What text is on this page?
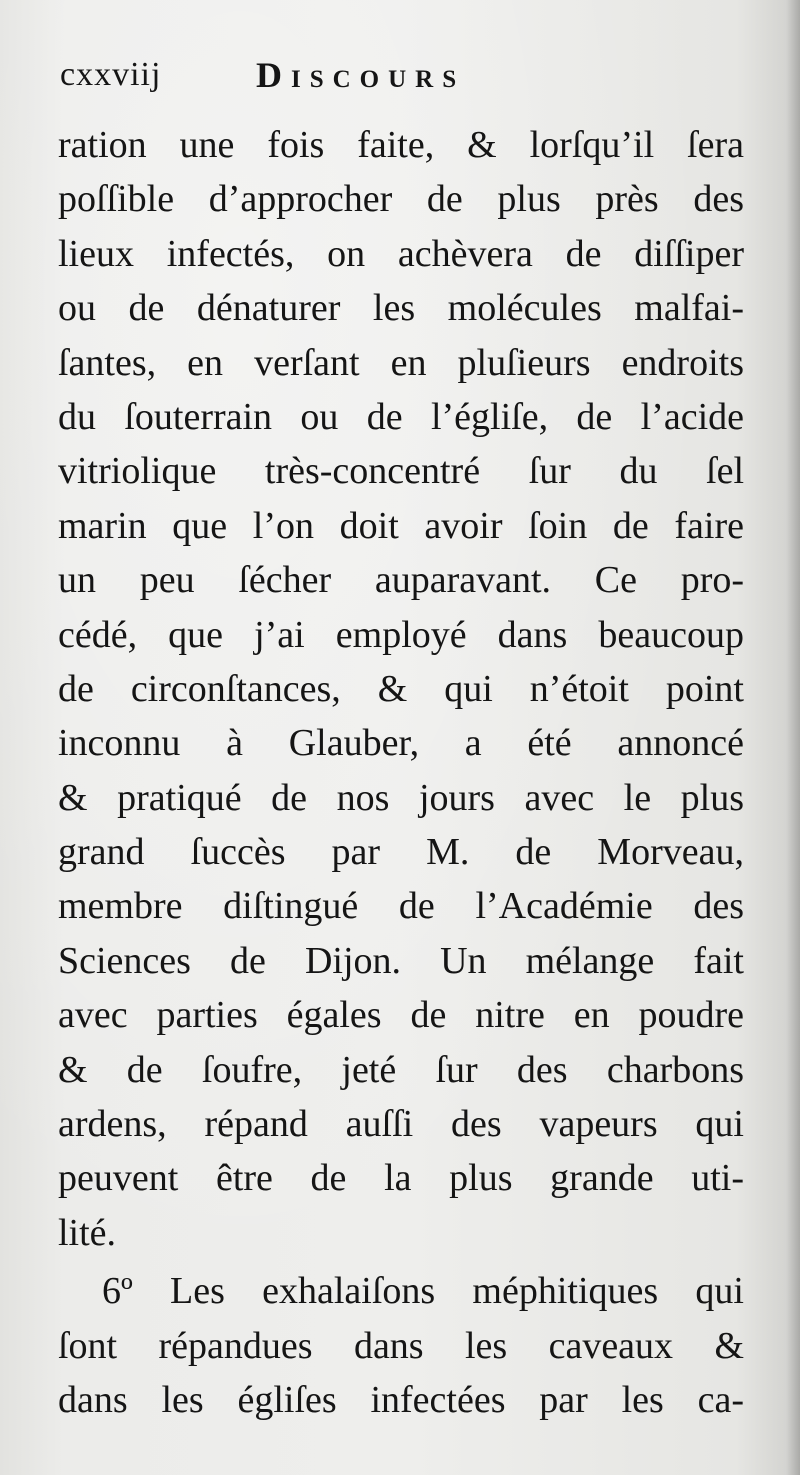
cxxviij	Discours
ration une fois faite, & lorſqu’il ſera
poſſible d’approcher de plus près des
lieux infectés, on achèvera de diſſiper
ou de dénaturer les molécules malfai-
ſantes, en verſant en pluſieurs endroits
du ſouterrain ou de l’égliſe, de l’acide
vitriolique très-concentré ſur du ſel
marin que l’on doit avoir ſoin de faire
un peu ſécher auparavant. Ce pro-
cédé, que j’ai employé dans beaucoup
de circonſtances, & qui n’étoit point
inconnu à Glauber, a été annoncé
& pratiqué de nos jours avec le plus
grand ſuccès par M. de Morveau,
membre diſtingué de l’Académie des
Sciences de Dijon. Un mélange fait
avec parties égales de nitre en poudre
& de ſoufre, jeté ſur des charbons
ardens, répand auſſi des vapeurs qui
peuvent être de la plus grande uti-
lité.
6º Les exhalaiſons méphitiques qui
ſont répandues dans les caveaux &
dans les égliſes infectées par les ca-
